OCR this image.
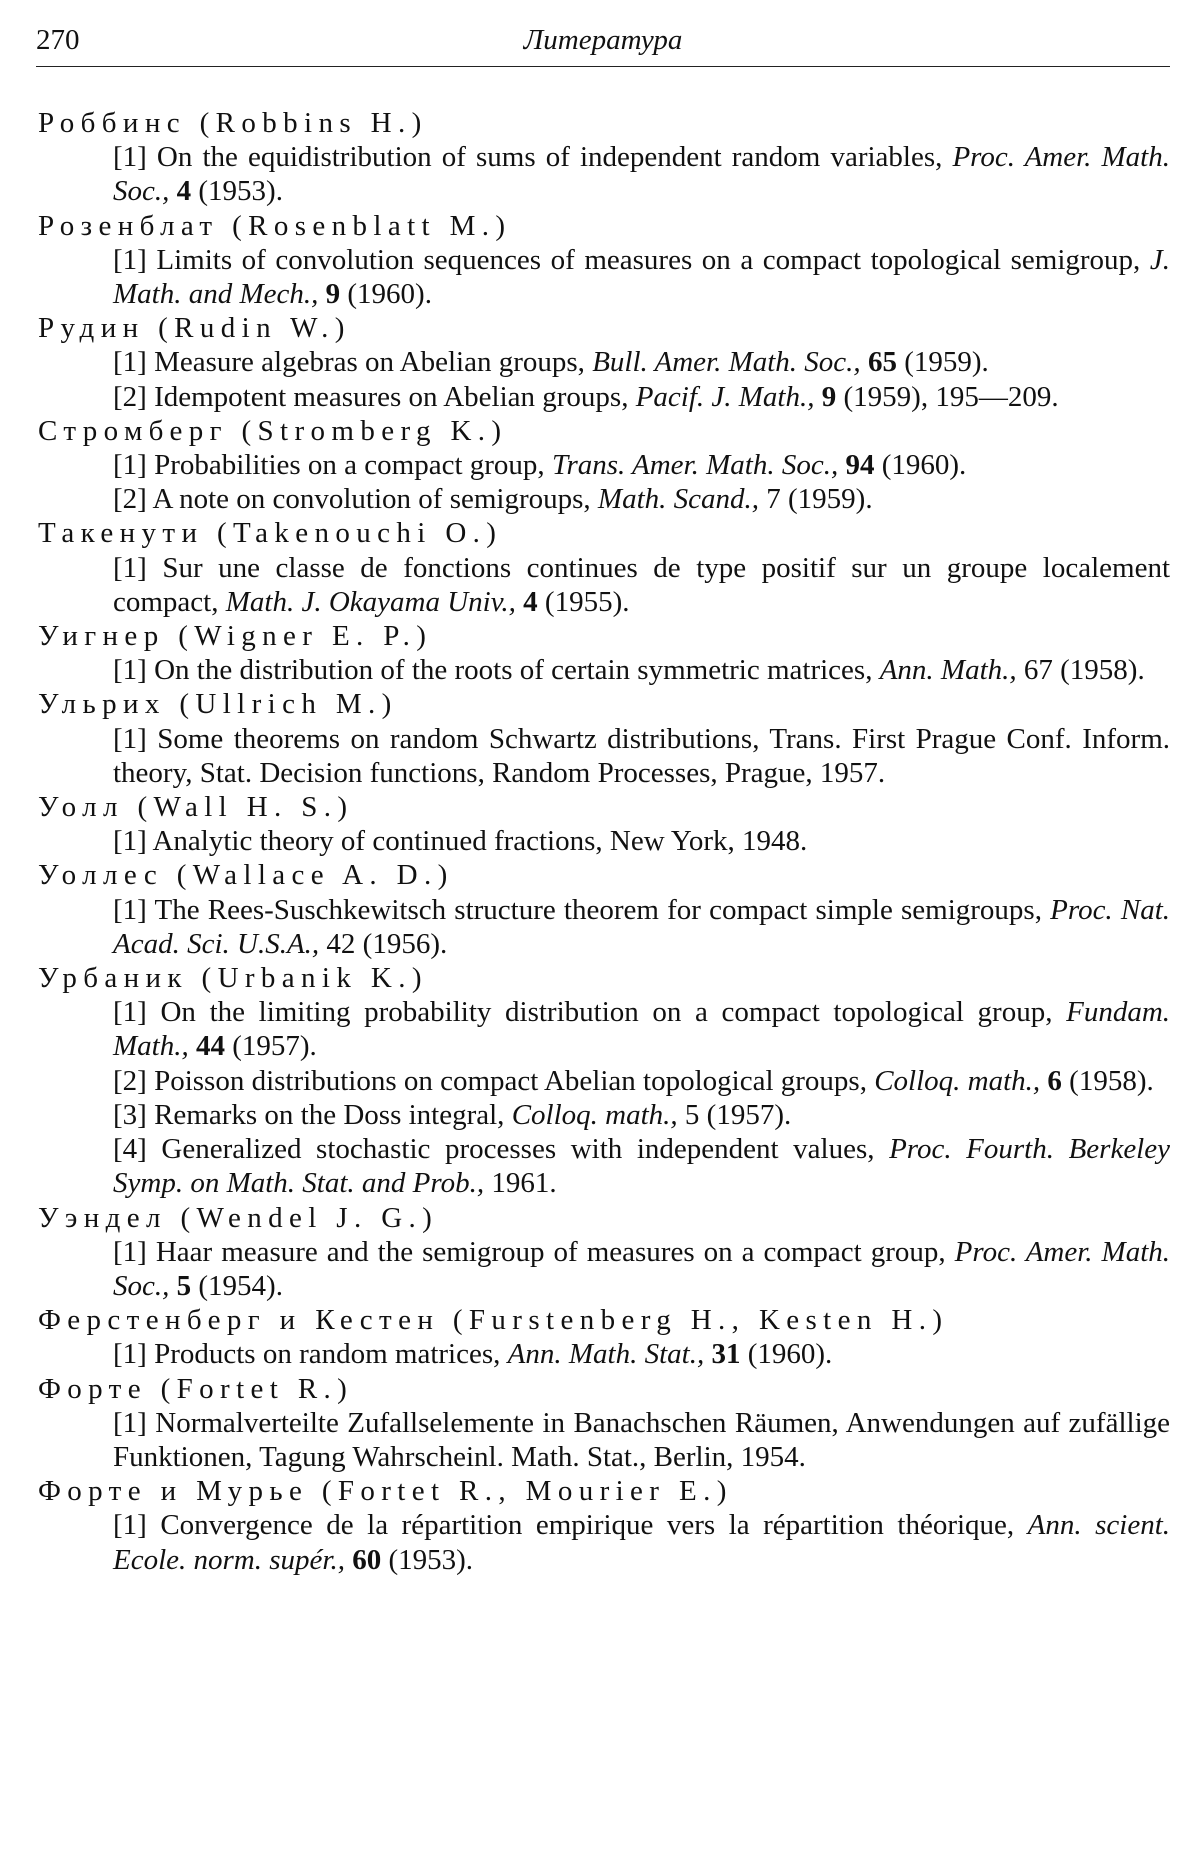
270	Литература
Роббинс (Robbins H.)
[1] On the equidistribution of sums of independent random variables, Proc. Amer. Math. Soc., 4 (1953).
Розенблат (Rosenblatt M.)
[1] Limits of convolution sequences of measures on a compact topological semigroup, J. Math. and Mech., 9 (1960).
Рудин (Rudin W.)
[1] Measure algebras on Abelian groups, Bull. Amer. Math. Soc., 65 (1959).
[2] Idempotent measures on Abelian groups, Pacif. J. Math., 9 (1959), 195—209.
Стромберг (Stromberg K.)
[1] Probabilities on a compact group, Trans. Amer. Math. Soc., 94 (1960).
[2] A note on convolution of semigroups, Math. Scand., 7 (1959).
Такенути (Takenouchi O.)
[1] Sur une classe de fonctions continues de type positif sur un groupe localement compact, Math. J. Okayama Univ., 4 (1955).
Уигнер (Wigner E. P.)
[1] On the distribution of the roots of certain symmetric matrices, Ann. Math., 67 (1958).
Ульрих (Ullrich M.)
[1] Some theorems on random Schwartz distributions, Trans. First Prague Conf. Inform. theory, Stat. Decision functions, Random Processes, Prague, 1957.
Уолл (Wall H. S.)
[1] Analytic theory of continued fractions, New York, 1948.
Уоллес (Wallace A. D.)
[1] The Rees-Suschkewitsch structure theorem for compact simple semigroups, Proc. Nat. Acad. Sci. U.S.A., 42 (1956).
Урбаник (Urbanik K.)
[1] On the limiting probability distribution on a compact topological group, Fundam. Math., 44 (1957).
[2] Poisson distributions on compact Abelian topological groups, Colloq. math., 6 (1958).
[3] Remarks on the Doss integral, Colloq. math., 5 (1957).
[4] Generalized stochastic processes with independent values, Proc. Fourth. Berkeley Symp. on Math. Stat. and Prob., 1961.
Уэндел (Wendel J. G.)
[1] Haar measure and the semigroup of measures on a compact group, Proc. Amer. Math. Soc., 5 (1954).
Ферстенберг и Кестен (Furstenberg H., Kesten H.)
[1] Products on random matrices, Ann. Math. Stat., 31 (1960).
Форте (Fortet R.)
[1] Normalverteilte Zufallselemente in Banachschen Räumen, Anwendungen auf zufällige Funktionen, Tagung Wahrscheinl. Math. Stat., Berlin, 1954.
Форте и Мурье (Fortet R., Mourier E.)
[1] Convergence de la répartition empirique vers la répartition théorique, Ann. scient. Ecole. norm. supér., 60 (1953).
